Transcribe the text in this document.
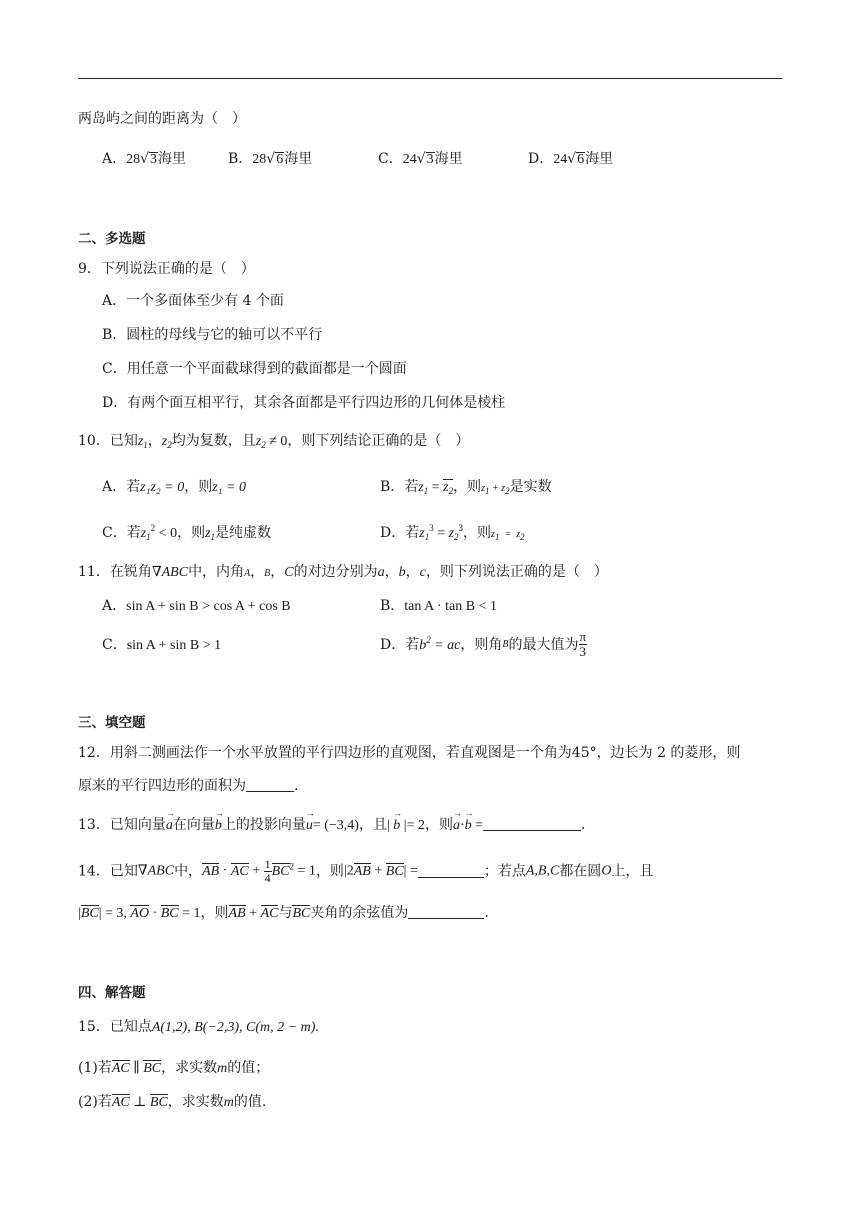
两岛屿之间的距离为（　）
A．28√3海里	B．28√6海里	C．24√3海里	D．24√6海里
二、多选题
9．下列说法正确的是（　）
A．一个多面体至少有 4 个面
B．圆柱的母线与它的轴可以不平行
C．用任意一个平面截球得到的截面都是一个圆面
D．有两个面互相平行，其余各面都是平行四边形的几何体是棱柱
10．已知$z_1$，$z_2$均为复数，且$z_2 \ne 0$，则下列结论正确的是（　）
A．若z₁z₂ = 0，则z₁ = 0	B．若$z_1 = z_2$，则z1 + z2是实数
C．若$z_1^2 < 0$，则$z_1$是纯虚数	D．若$z_1^3 = z_2^3$，则z1  =  z2
11．在锐角∇ABC中，内角A，B，C的对边分别为a，b，c，则下列说法正确的是（　）
A．sin A + sin B > cos A + cos B	B．tan A · tan B < 1
C．sin A + sin B > 1	D．若$b^2$ = ac，则角B的最大值为 $\frac{\pi}{3}$
三、填空题
12．用斜二测画法作一个水平放置的平行四边形的直观图，若直观图是一个角为45°，边长为 2 的菱形，则
原来的平行四边形的面积为	.
13．已知向量a →在向量b →上的投影向量u →= (−3,4)，且| b → |= 2，则a →·b → =	.
14．已知∇ABC中，AB · AC + $\frac{1}{4} BC^2 = 1$，则|2AB + BC| =	；若点A,B,C都在圆O上，且
|BC| = 3, AO · BC = 1，则AB + AC与BC夹角的余弦值为	.
四、解答题
15．已知点A(1,2), B(−2,3), C(m, 2 − m).
(1)若AC ∥ BC，求实数m的值；
(2)若AC ⊥ BC，求实数m的值.
